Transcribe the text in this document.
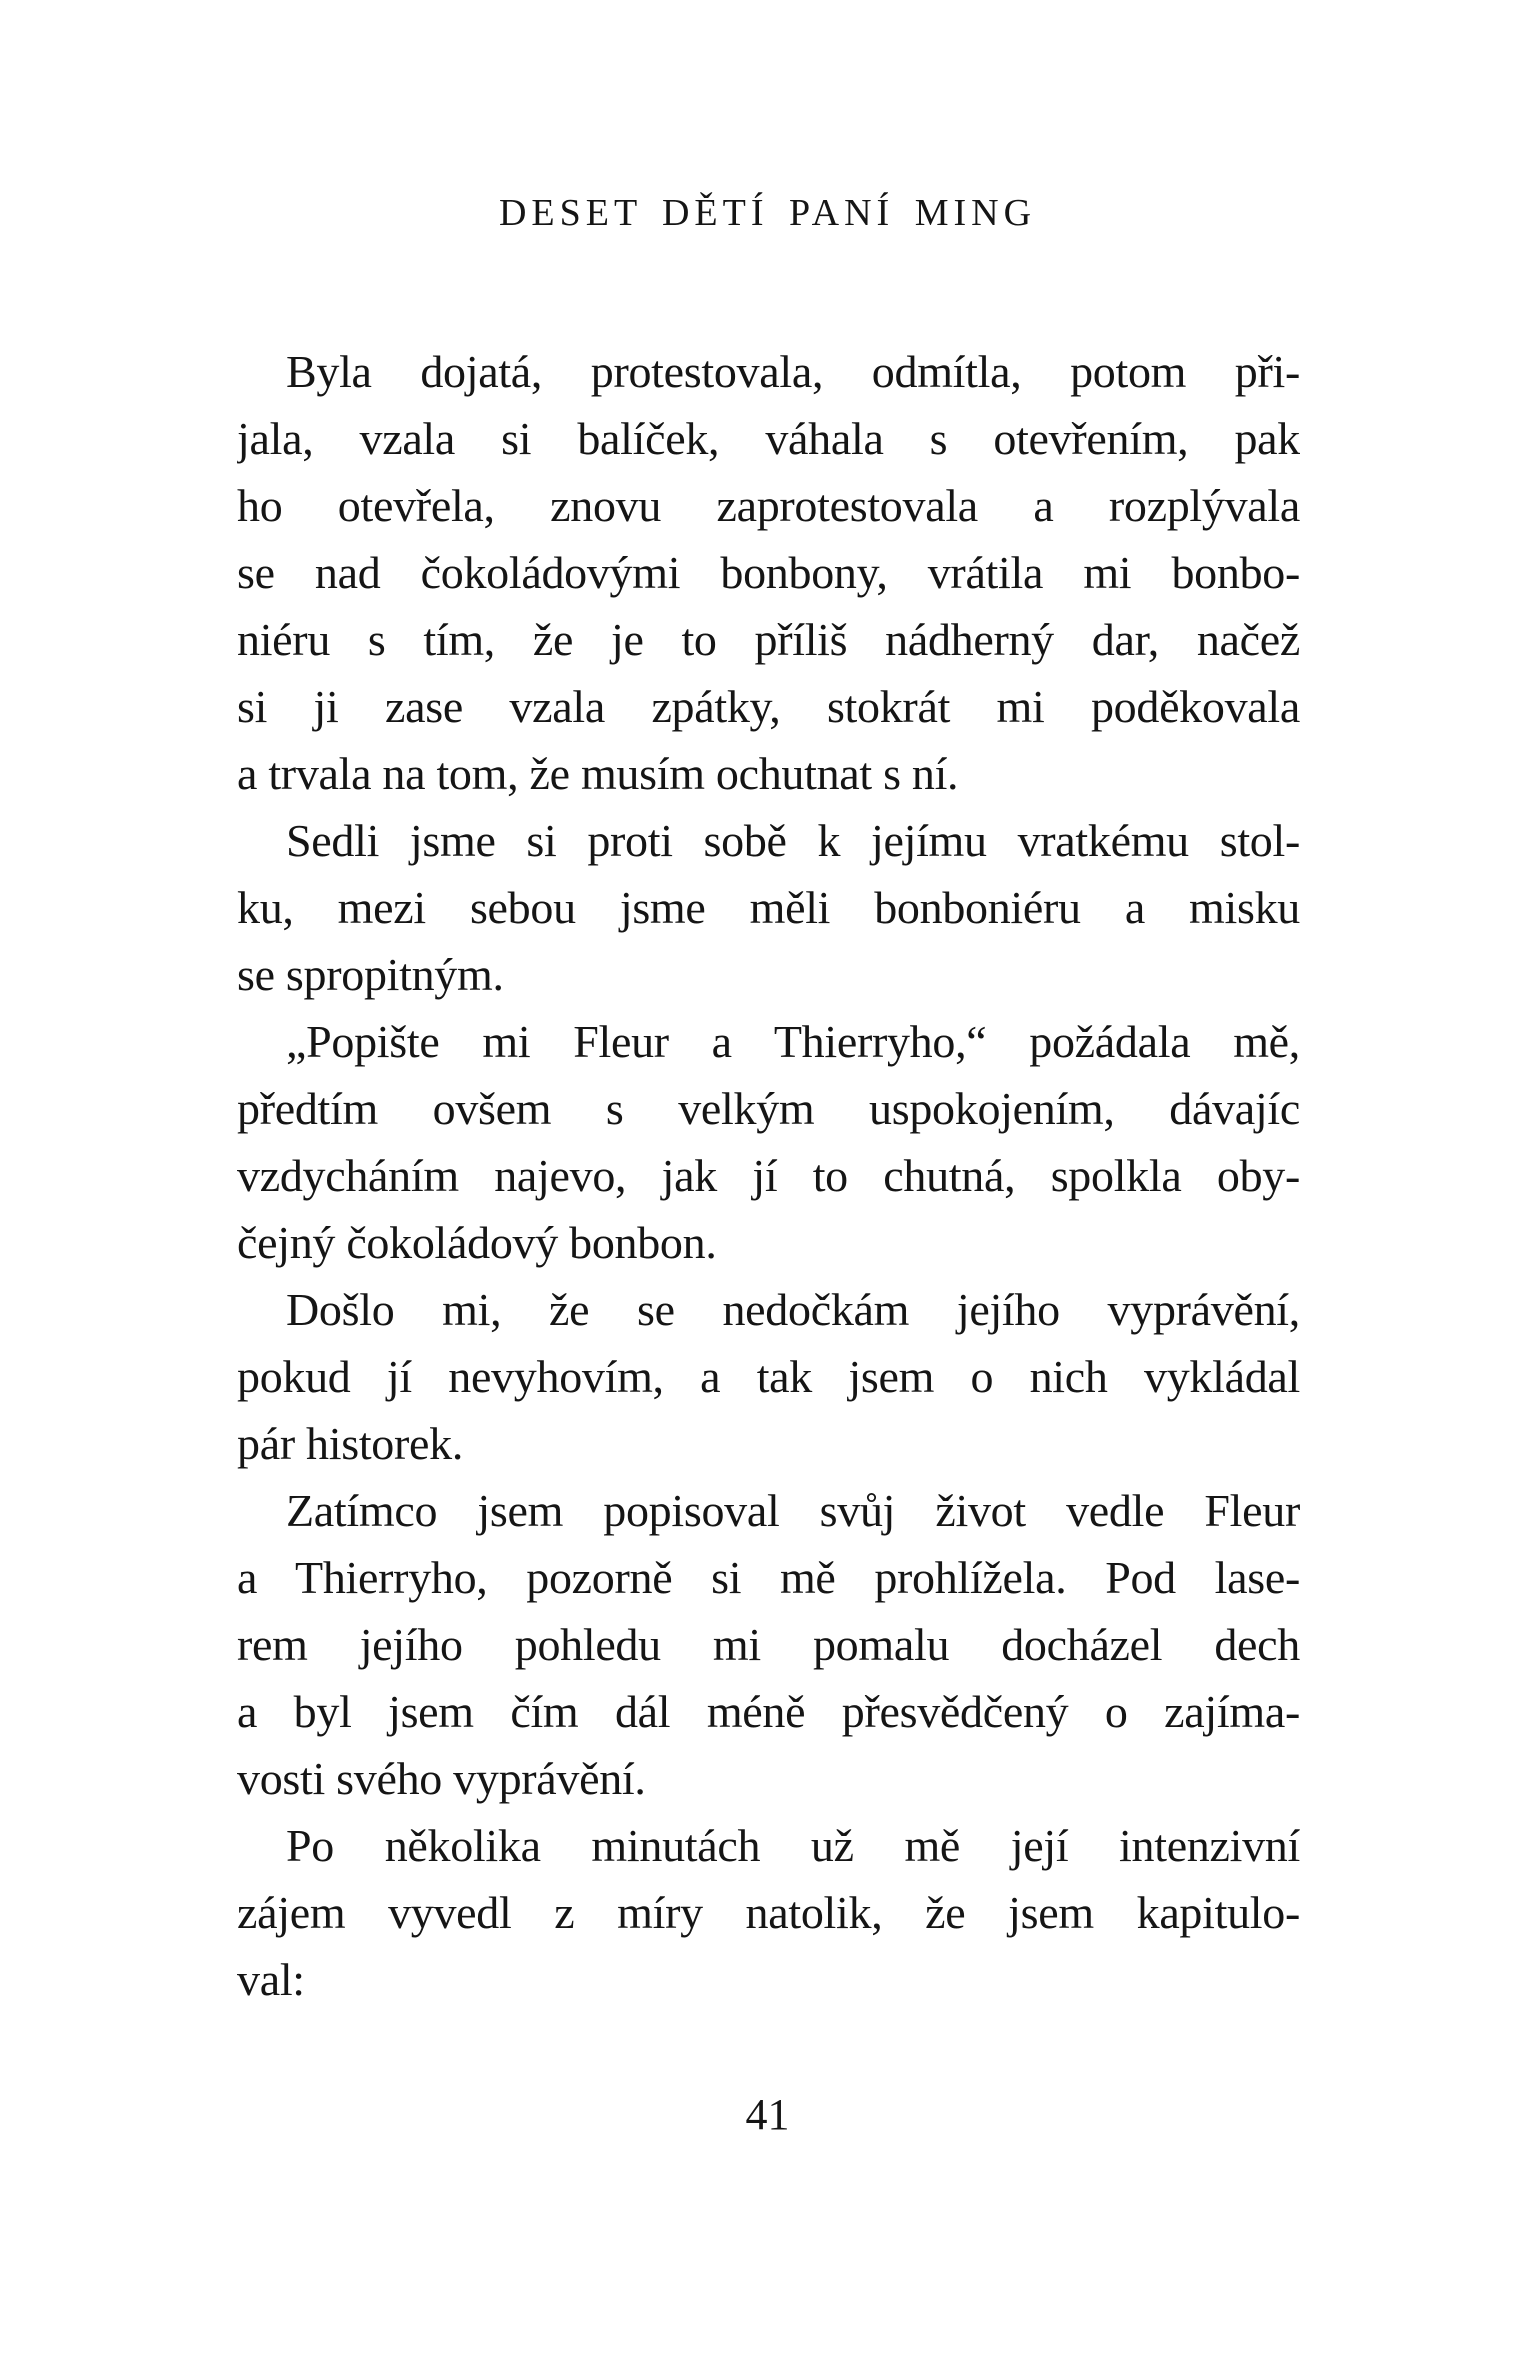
DESET DĚTÍ PANÍ MING

Byla dojatá, protestovala, odmítla, potom při-
jala, vzala si balíček, váhala s otevřením, pak
ho otevřela, znovu zaprotestovala a rozplývala
se nad čokoládovými bonbony, vrátila mi bonbo-
niéru s tím, že je to příliš nádherný dar, načež
si ji zase vzala zpátky, stokrát mi poděkovala
a trvala na tom, že musím ochutnat s ní.

Sedli jsme si proti sobě k jejímu vratkému stol-
ku, mezi sebou jsme měli bonboniéru a misku
se spropitným.

„Popište mi Fleur a Thierryho,“ požádala mě,
předtím ovšem s velkým uspokojením, dávajíc
vzdycháním najevo, jak jí to chutná, spolkla oby-
čejný čokoládový bonbon.

Došlo mi, že se nedočkám jejího vyprávění,
pokud jí nevyhovím, a tak jsem o nich vykládal
pár historek.

Zatímco jsem popisoval svůj život vedle Fleur
a Thierryho, pozorně si mě prohlížela. Pod lase-
rem jejího pohledu mi pomalu docházel dech
a byl jsem čím dál méně přesvědčený o zajíma-
vosti svého vyprávění.

Po několika minutách už mě její intenzivní
zájem vyvedl z míry natolik, že jsem kapitulo-
val:

41
